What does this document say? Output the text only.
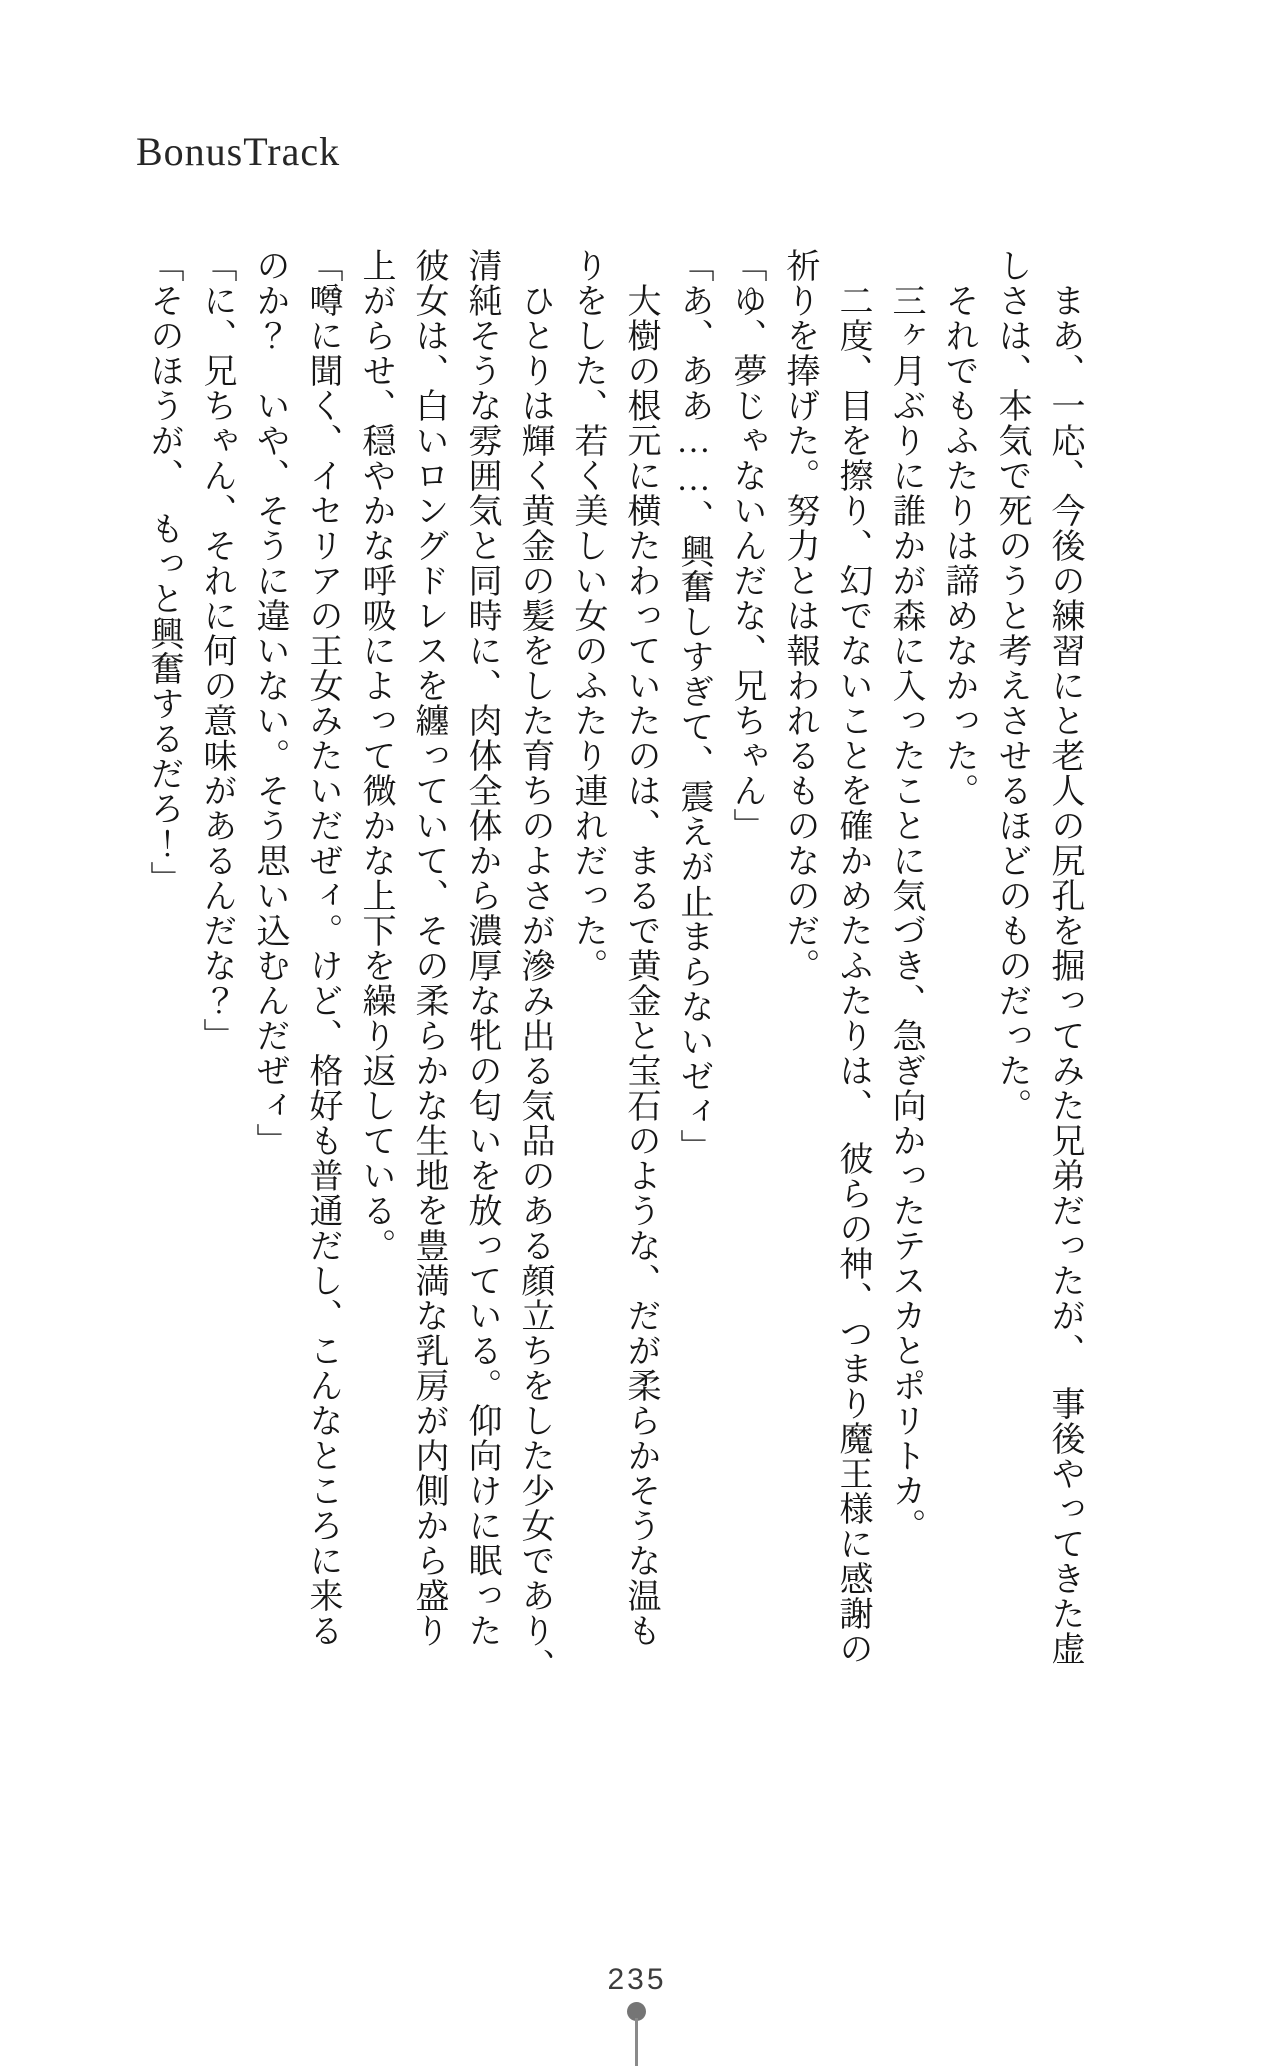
BonusTrack
　まあ、一応、今後の練習にと老人の尻孔を掘ってみた兄弟だったが、　事後やってきた虚
しさは、本気で死のうと考えさせるほどのものだった。
　それでもふたりは諦めなかった。
　三ヶ月ぶりに誰かが森に入ったことに気づき、急ぎ向かったテスカとポリトカ。
　二度、目を擦り、幻でないことを確かめたふたりは、　彼らの神、つまり魔王様に感謝の
祈りを捧げた。努力とは報われるものなのだ。
「ゆ、夢じゃないんだな、兄ちゃん」
「あ、ああ……、興奮しすぎて、震えが止まらないゼィ」
　大樹の根元に横たわっていたのは、まるで黄金と宝石のような、だが柔らかそうな温も
りをした、若く美しい女のふたり連れだった。
　ひとりは輝く黄金の髪をした育ちのよさが滲み出る気品のある顔立ちをした少女であり、
清純そうな雰囲気と同時に、肉体全体から濃厚な牝の匂いを放っている。仰向けに眠った
彼女は、白いロングドレスを纏っていて、その柔らかな生地を豊満な乳房が内側から盛り
上がらせ、穏やかな呼吸によって微かな上下を繰り返している。
「噂に聞く、イセリアの王女みたいだぜィ。けど、格好も普通だし、こんなところに来る
のか？　いや、そうに違いない。そう思い込むんだぜィ」
「に、兄ちゃん、それに何の意味があるんだな？」
「そのほうが、　もっと興奮するだろ！」
235
